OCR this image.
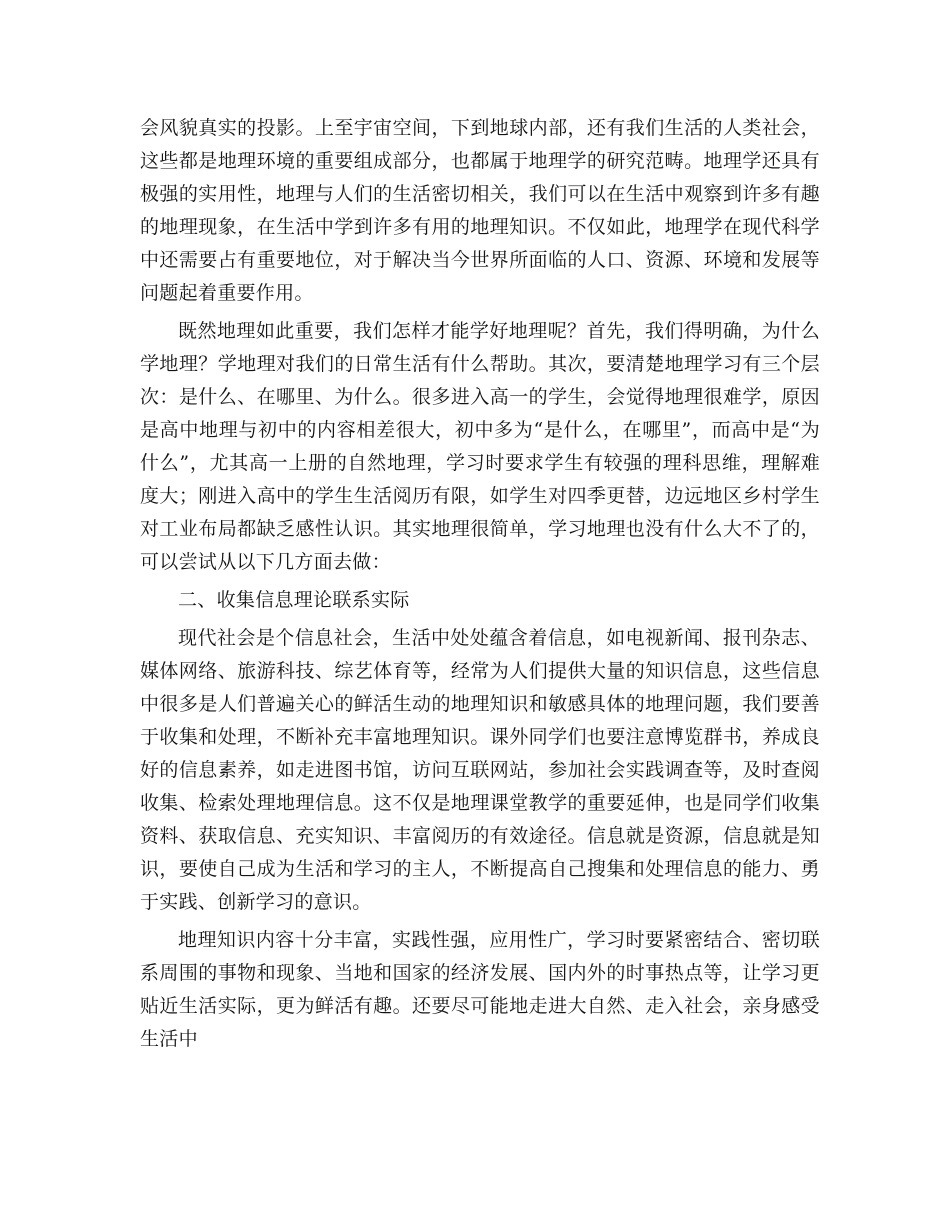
会风貌真实的投影。上至宇宙空间，下到地球内部，还有我们生活的人类社会，这些都是地理环境的重要组成部分，也都属于地理学的研究范畴。地理学还具有极强的实用性，地理与人们的生活密切相关，我们可以在生活中观察到许多有趣的地理现象，在生活中学到许多有用的地理知识。不仅如此，地理学在现代科学中还需要占有重要地位，对于解决当今世界所面临的人口、资源、环境和发展等问题起着重要作用。

既然地理如此重要，我们怎样才能学好地理呢？首先，我们得明确，为什么学地理？学地理对我们的日常生活有什么帮助。其次，要清楚地理学习有三个层次：是什么、在哪里、为什么。很多进入高一的学生，会觉得地理很难学，原因是高中地理与初中的内容相差很大，初中多为“是什么，在哪里”，而高中是“为什么”，尤其高一上册的自然地理，学习时要求学生有较强的理科思维，理解难度大；刚进入高中的学生生活阅历有限，如学生对四季更替，边远地区乡村学生对工业布局都缺乏感性认识。其实地理很简单，学习地理也没有什么大不了的，可以尝试从以下几方面去做：

二、收集信息理论联系实际

现代社会是个信息社会，生活中处处蕴含着信息，如电视新闻、报刊杂志、媒体网络、旅游科技、综艺体育等，经常为人们提供大量的知识信息，这些信息中很多是人们普遍关心的鲜活生动的地理知识和敏感具体的地理问题，我们要善于收集和处理，不断补充丰富地理知识。课外同学们也要注意博览群书，养成良好的信息素养，如走进图书馆，访问互联网站，参加社会实践调查等，及时查阅收集、检索处理地理信息。这不仅是地理课堂教学的重要延伸，也是同学们收集资料、获取信息、充实知识、丰富阅历的有效途径。信息就是资源，信息就是知识，要使自己成为生活和学习的主人，不断提高自己搜集和处理信息的能力、勇于实践、创新学习的意识。

地理知识内容十分丰富，实践性强，应用性广，学习时要紧密结合、密切联系周围的事物和现象、当地和国家的经济发展、国内外的时事热点等，让学习更贴近生活实际，更为鲜活有趣。还要尽可能地走进大自然、走入社会，亲身感受生活中
